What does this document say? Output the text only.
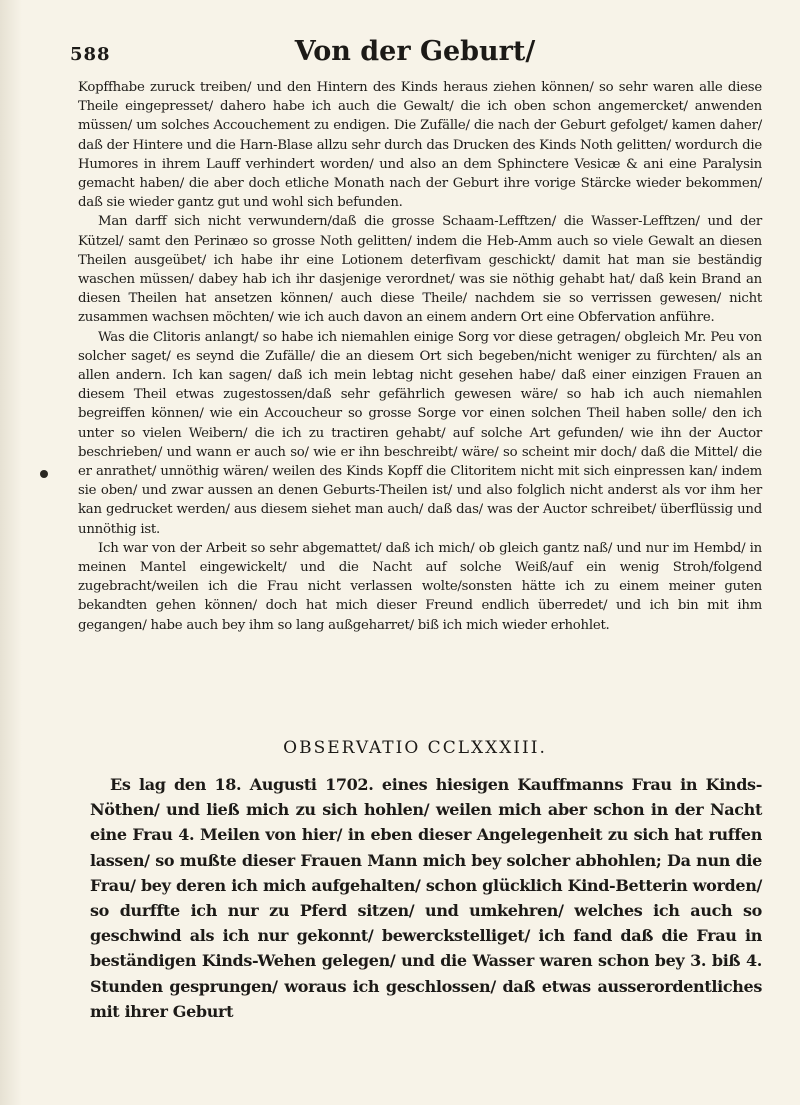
588	Von der Geburt/

Kopffhabe zuruck treiben/ und den Hintern des Kinds heraus ziehen können/ so sehr waren alle diese Theile eingepresset/ dahero habe ich auch die Gewalt/ die ich oben schon angemercket/ anwenden müssen/ um solches Accouchement zu endigen. Die Zufälle/ die nach der Geburt gefolget/ kamen daher/ daß der Hintere und die Harn-Blase allzu sehr durch das Drucken des Kinds Noth gelitten/ wordurch die Humores in ihrem Lauff verhindert worden/ und also an dem Sphinctere Vesicæ & ani eine Paralysin gemacht haben/ die aber doch etliche Monath nach der Geburt ihre vorige Stärcke wieder bekommen/ daß sie wieder gantz gut und wohl sich befunden.

Man darff sich nicht verwundern/daß die grosse Schaam-Lefftzen/ die Wasser-Lefftzen/ und der Kützel/ samt den Perinæo so grosse Noth gelitten/ indem die Heb-Amm auch so viele Gewalt an diesen Theilen ausgeübet/ ich habe ihr eine Lotionem deterfivam geschickt/ damit hat man sie beständig waschen müssen/ dabey hab ich ihr dasjenige verordnet/ was sie nöthig gehabt hat/ daß kein Brand an diesen Theilen hat ansetzen können/ auch diese Theile/ nachdem sie so verrissen gewesen/ nicht zusammen wachsen möchten/ wie ich auch davon an einem andern Ort eine Obfervation anführe.

Was die Clitoris anlangt/ so habe ich niemahlen einige Sorg vor diese getragen/ obgleich Mr. Peu von solcher saget/ es seynd die Zufälle/ die an diesem Ort sich begeben/nicht weniger zu fürchten/ als an allen andern. Ich kan sagen/ daß ich mein lebtag nicht gesehen habe/ daß einer einzigen Frauen an diesem Theil etwas zugestossen/daß sehr gefährlich gewesen wäre/ so hab ich auch niemahlen begreiffen können/ wie ein Accoucheur so grosse Sorge vor einen solchen Theil haben solle/ den ich unter so vielen Weibern/ die ich zu tractiren gehabt/ auf solche Art gefunden/ wie ihn der Auctor beschrieben/ und wann er auch so/ wie er ihn beschreibt/ wäre/ so scheint mir doch/ daß die Mittel/ die er anrathet/ unnöthig wären/ weilen des Kinds Kopff die Clitoritem nicht mit sich einpressen kan/ indem sie oben/ und zwar aussen an denen Geburts-Theilen ist/ und also folglich nicht anderst als vor ihm her kan gedrucket werden/ aus diesem siehet man auch/ daß das/ was der Auctor schreibet/ überflüssig und unnöthig ist.

Ich war von der Arbeit so sehr abgemattet/ daß ich mich/ ob gleich gantz naß/ und nur im Hembd/ in meinen Mantel eingewickelt/ und die Nacht auf solche Weiß/auf ein wenig Stroh/folgend zugebracht/weilen ich die Frau nicht verlassen wolte/sonsten hätte ich zu einem meiner guten bekandten gehen können/ doch hat mich dieser Freund endlich überredet/ und ich bin mit ihm gegangen/ habe auch bey ihm so lang außgeharret/ biß ich mich wieder erhohlet.

OBSERVATIO CCLXXXIII.

Es lag den 18. Augusti 1702. eines hiesigen Kauffmanns Frau in Kinds-Nöthen/ und ließ mich zu sich hohlen/ weilen mich aber schon in der Nacht eine Frau 4. Meilen von hier/ in eben dieser Angelegenheit zu sich hat ruffen lassen/ so mußte dieser Frauen Mann mich bey solcher abhohlen; Da nun die Frau/ bey deren ich mich aufgehalten/ schon glücklich Kind-Betterin worden/ so durffte ich nur zu Pferd sitzen/ und umkehren/ welches ich auch so geschwind als ich nur gekonnt/ bewerckstelliget/ ich fand daß die Frau in beständigen Kinds-Wehen gelegen/ und die Wasser waren schon bey 3. biß 4. Stunden gesprungen/ woraus ich geschlossen/ daß etwas ausserordentliches mit ihrer Geburt
